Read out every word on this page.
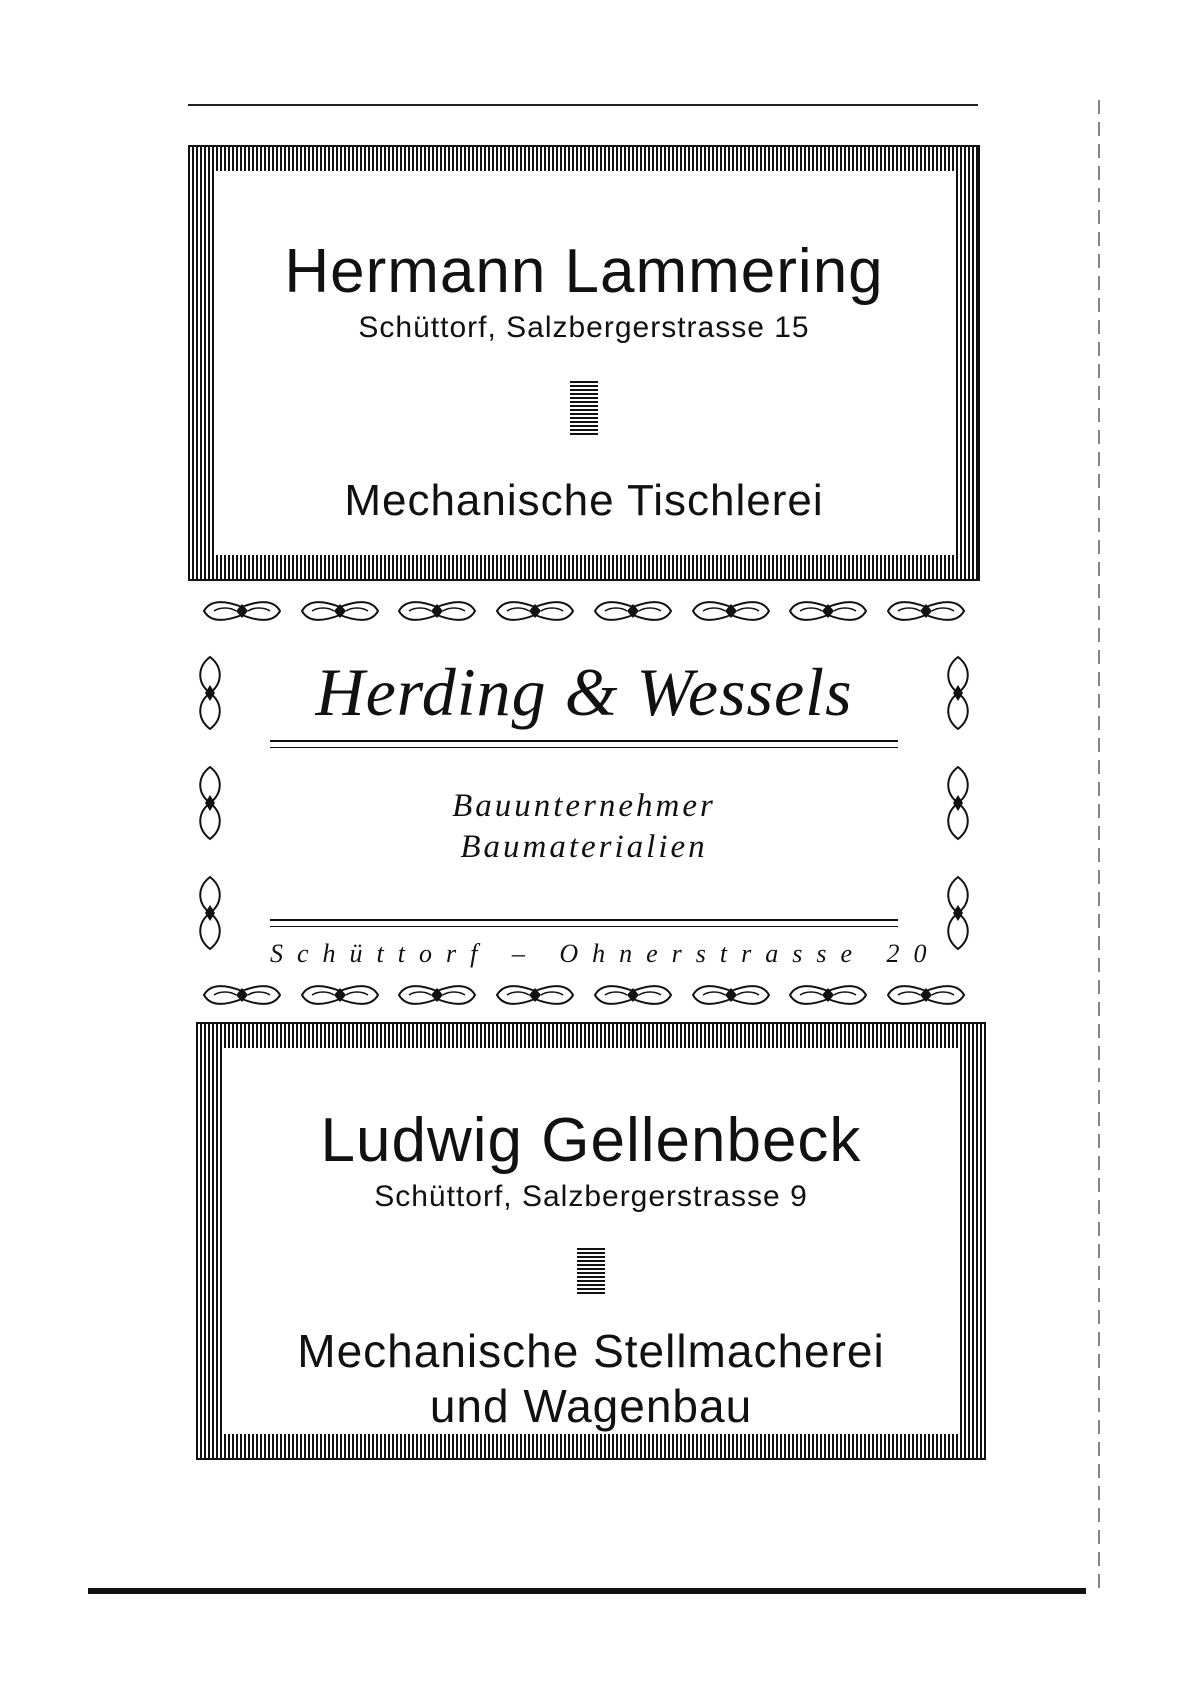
Hermann Lammering
Schüttorf, Salzbergerstrasse 15
Mechanische Tischlerei
Herding & Wessels
Bauunternehmer
Baumaterialien
Schüttorf – Ohnerstrasse 20
Ludwig Gellenbeck
Schüttorf, Salzbergerstrasse 9
Mechanische Stellmacherei
und Wagenbau
